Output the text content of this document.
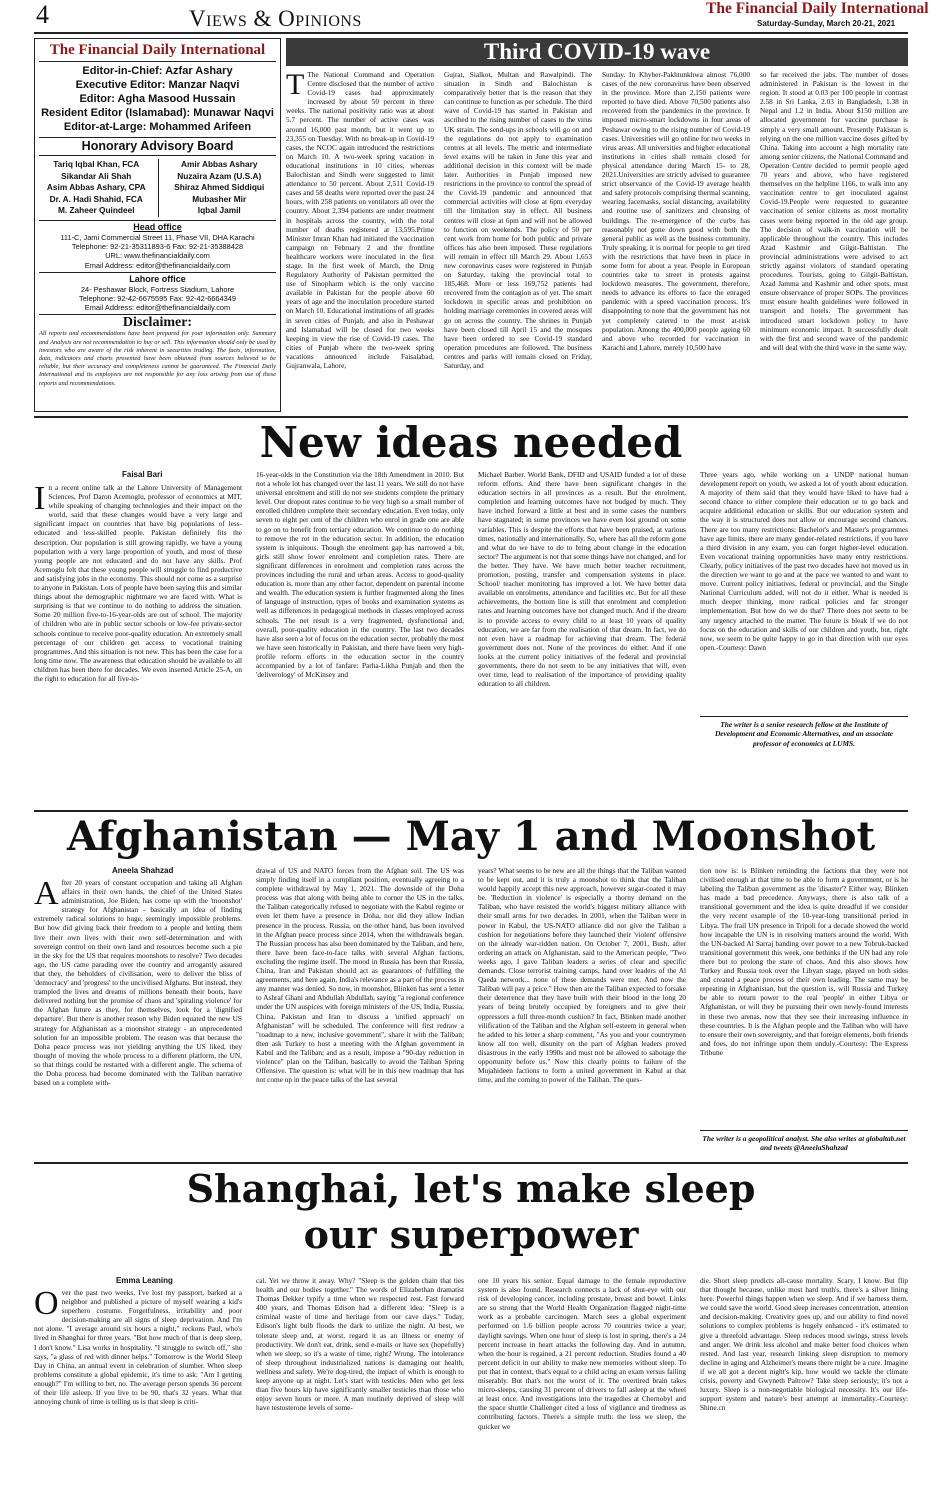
4	Views & Opinions	The Financial Daily International
Saturday-Sunday, March 20-21, 2021
The Financial Daily International
Editor-in-Chief: Azfar Ashary
Executive Editor: Manzar Naqvi
Editor: Agha Masood Hussain
Resident Editor (Islamabad): Munawar Naqvi
Editor-at-Large: Mohammed Arifeen
Honorary Advisory Board
Tariq Iqbal Khan, FCA
Sikandar Ali Shah
Asim Abbas Ashary, CPA
Dr. A. Hadi Shahid, FCA
M. Zaheer Quindeel
Amir Abbas Ashary
Nuzaira Azam (U.S.A)
Shiraz Ahmed Siddiqui
Mubasher Mir
Iqbal Jamil
Head office
111-C, Jami Commercial Street 11, Phase VII, DHA Karachi
Telephone: 92-21-35311893-6 Fax: 92-21-35388428
URL: www.thefinancialdaily.com
Email Address: editor@thefinancialdaily.com
Lahore office
24- Peshawar Block, Fortress Stadium, Lahore
Telephone: 92-42-6675595 Fax: 92-42-6664349
Email Address: editor@thefinancialdaily.com
Disclaimer:
All reports and recommendations have been prepared for your information only. Summary and Analysis are not recommendation to buy or sell. This information should only be used by investors who are aware of the risk inherent in securities trading. The facts, information, data, indicators and charts presented have been obtained from sources believed to be reliable, but their accuracy and completeness cannot be guaranteed. The Financial Daily International and its employees are not responsible for any loss arising from use of these reports and recommendations.
Third COVID-19 wave
T The National Command and Operation Centre disclosed that the number of active Covid-19 cases had approximately increased by about 50 percent in three weeks. The national positivity ratio was at about 5.7 percent. The number of active cases was around 16,000 past month, but it went up to 23,355 on Tuesday. With no break-up in Covid-19 cases, the NCOC again introduced the restrictions on March 10. A two-week spring vacation in educational institutions in 10 cities, whereas Balochistan and Sindh were suggested to limit attendance to 50 percent. About 2,511 Covid-19 cases and 58 deaths were reported over the past 24 hours, with 258 patients on ventilators all over the country. About 2,394 patients are under treatment in hospitals across the country, with the total number of deaths registered at 13,595.Prime Minister Imran Khan had initiated the vaccination campaign on February 2 and the frontline healthcare workers were inoculated in the first stage. In the first week of March, the Drug Regulatory Authority of Pakistan permitted the use of Sinopharm which is the only vaccine available in Pakistan for the people above 60 years of age and the inoculation procedure started on March 10. Educational institutions of all grades in seven cities of Punjab, and also in Peshawar and Islamabad will be closed for two weeks keeping in view the rise of Covid-19 cases. The cities of Punjab where the two-week spring vacations announced include Faisalabad, Gujranwala, Lahore,
Gujrat, Sialkot, Multan and Rawalpindi. The situation in Sindh and Balochistan is comparatively better that is the reason that they can continue to function as per schedule. The third wave of Covid-19 has started in Pakistan and ascribed to the rising number of cases to the virus UK strain. The send-ups in schools will go on and the regulations do not apply to examination centres at all levels. The metric and intermediate level exams will be taken in June this year and additional decision in this context will be made later. Authorities in Punjab imposed new restrictions in the province to control the spread of the Covid-19 pandemic and announced that commercial activities will close at 6pm everyday till the limitation stay in effect. All business centres will close at 6pm and will not be allowed to function on weekends. The policy of 50 per cent work from home for both public and private offices has also been imposed. These regulations will remain in effect till March 29. About 1,653 new coronavirus cases were registered in Punjab on Saturday, taking the provincial total to 185,468. More or less 169,752 patients had recovered from the contagion as of yet. The smart lockdown in specific areas and prohibition on holding marriage ceremonies in covered areas will go on across the country. The shrines in Punjab have been closed till April 15 and the mosques have been ordered to see Covid-19 standard operation procedures are followed. The business centres and parks will remain closed on Friday, Saturday, and
Sunday. In Khyber-Pakhtunkhwa almost 76,000 cases of the new coronavirus have been observed in the province. More than 2,150 patients were reported to have died. Above 70,500 patients also recovered from the pandemics in the province. It imposed micro-smart lockdowns in four areas of Peshawar owing to the rising number of Covid-19 cases. Universities will go online for two weeks in virus areas. All universities and higher educational institutions in cities shall remain closed for physical attendance during March 15- to 28, 2021.Universities are strictly advised to guarantee strict observance of the Covid-19 average health and safety protocols comprising thermal scanning, wearing facemasks, social distancing, availability and routine use of sanitizers and cleansing of buildings. The re-emergence of the curbs has reasonably not gone down good with both the general public as well as the business community. Truly speaking, it is normal for people to get tired with the restrictions that have been in place in some form for about a year. People in European countries take to street in protests against lockdown measures. The government, therefore, needs to advance its efforts to face the enraged pandemic with a speed vaccination process. It's disappointing to note that the government has not yet completely catered to the most at-risk population. Among the 400,000 people ageing 60 and above who recorded for vaccination in Karachi and Lahore, merely 10,500 have
so far received the jabs. The number of doses administered in Pakistan is the lowest in the region. It stood at 0.03 per 100 people in contrast 2.58 in Sri Lanka, 2.03 in Bangladesh, 1.38 in Nepal and 1.2 in India. About $150 million are allocated government for vaccine purchase is simply a very small amount. Presently Pakistan is relying on the one million vaccine doses gifted by China. Taking into account a high mortality rate among senior citizens, the National Command and Operation Centre decided to permit people aged 70 years and above, who have registered themselves on the helpline 1166, to walk into any vaccination centre to get inoculated against Covid-19.People were requested to guarantee vaccination of senior citizens as most mortality cases were being reported in the old age group. The decision of walk-in vaccination will be applicable throughout the country. This includes Azad Kashmir and Gilgit-Baltistan. The provincial administrations were advised to act strictly against violators of standard operating procedures. Tourists, going to Gilgit-Baltistan, Azad Jamma and Kashmir and other spots, must ensure observance of proper SOPs. The provinces must ensure health guidelines were followed in transport and hotels. The government has introduced smart lockdown policy to have minimum economic impact. It successfully dealt with the first and second wave of the pandemic and will deal with the third wave in the same way.
New ideas needed
Faisal Bari
In a recent online talk at the Lahore University of Management Sciences, Prof Daron Acemoglu, professor of economics at MIT, while speaking of changing technologies and their impact on the world, said that these changes would have a very large and significant impact on countries that have big populations of less-educated and less-skilled people. Pakistan definitely fits the description. Our population is still growing rapidly, we have a young population with a very large proportion of youth, and most of these young people are not educated and do not have any skills. Prof Acemoglu felt that these young people will struggle to find productive and satisfying jobs in the economy. This should not come as a surprise to anyone in Pakistan. Lots of people have been saying this and similar things about the demographic nightmare we are faced with. What is surprising is that we continue to do nothing to address the situation. Some 20 million five-to-16-year-olds are out of school. The majority of children who are in public sector schools or low-fee private-sector schools continue to receive poor-quality education. An extremely small percentage of our children get access to vocational training programmes. And this situation is not new. This has been the case for a long time now. The awareness that education should be available to all children has been there for decades. We even inserted Article 25-A, on the right to education for all five-to-
16-year-olds in the Constitution via the 18th Amendment in 2010. But not a whole lot has changed over the last 11 years. We still do not have universal enrolment and still do not see students complete the primary level. Our dropout rates continue to be very high so a small number of enrolled children complete their secondary education. Even today, only seven to eight per cent of the children who enrol in grade one are able to go on to benefit from tertiary education. We continue to do nothing to remove the rot in the education sector. In addition, the education system is iniquitous. Though the enrolment gap has narrowed a bit, girls still show lower enrolment and completion rates. There are significant differences in enrolment and completion rates across the provinces including the rural and urban areas. Access to good-quality education is, more than any other factor, dependent on parental income and wealth. The education system is further fragmented along the lines of language of instruction, types of books and examination systems as well as differences in pedagogical methods in classes employed across schools. The net result is a very fragmented, dysfunctional and, overall, poor-quality education in the country. The last two decades have also seen a lot of focus on the education sector, probably the most we have seen historically in Pakistan, and there have been very high-profile reform efforts in the education sector in the country accompanied by a lot of fanfare: Parha-Likha Punjab and then the 'deliverology' of McKinsey and
Michael Barber. World Bank, DFID and USAID funded a lot of these reform efforts. And there have been significant changes in the education sectors in all provinces as a result. But the enrolment, completion and learning outcomes have not budged by much. They have inched forward a little at best and in some cases the numbers have stagnated; in some provinces we have even lost ground on some variables. This is despite the efforts that have been praised, at various times, nationally and internationally. So, where has all the reform gone and what do we have to do to bring about change in the education sector? The argument is not that some things have not changed, and for the better. They have. We have much better teacher recruitment, promotion, posting, transfer and compensation systems in place. School/ teacher monitoring has improved a lot. We have better data available on enrolments, attendance and facilities etc. But for all these achievements, the bottom line is still that enrolment and completion rates and learning outcomes have not changed much. And if the dream is to provide access to every child to at least 10 years of quality education, we are far from the realisation of that dream. In fact, we do not even have a roadmap for achieving that dream. The federal government does not. None of the provinces do either. And if one looks at the current policy initiatives of the federal and provincial governments, there do not seem to be any initiatives that will, even over time, lead to realisation of the importance of providing quality education to all children.
Three years ago, while working on a UNDP national human development report on youth, we asked a lot of youth about education. A majority of them said that they would have liked to have had a second chance to either complete their education or to go back and acquire additional education or skills. But our education system and the way it is structured does not allow or encourage second chances. There are too many restrictions: Bachelor's and Master's programmes have age limits, there are many gender-related restrictions, if you have a third division in any exam, you can forget higher-level education. Even vocational training opportunities have many entry restrictions. Clearly, policy initiatives of the past two decades have not moved us in the direction we want to go and at the pace we wanted to and want to move. Current policy initiatives, federal or provincial, and the Single National Curriculum added, will not do it either. What is needed is much deeper thinking, more radical policies and far stronger implementation. But how do we do that? There does not seem to be any urgency attached to the matter. The future is bleak if we do not focus on the education and skills of our children and youth, but, right now, we seem to be quite happy to go in that direction with our eyes open.-Courtesy: Dawn
The writer is a senior research fellow at the Institute of Development and Economic Alternatives, and an associate professor of economics at LUMS.
Afghanistan — May 1 and Moonshot
Aneela Shahzad
After 20 years of constant occupation and taking all Afghan affairs in their own hands, the chief of the United States administration, Joe Biden, has come up with the 'moonshot' strategy for Afghanistan - basically an idea of finding extremely radical solutions to huge, seemingly impossible problems. But how did giving back their freedom to a people and letting them live their own lives with their own self-determination and with sovereign control on their own land and resources become such a pie in the sky for the US that requires moonshots to resolve? Two decades ago, the US came parading over the country and arrogantly assured that they, the beholders of civilisation, were to deliver the bliss of 'democracy' and 'progress' to the uncivilised Afghans. But instead, they trampled the lives and dreams of millions beneath their boots, have delivered nothing but the promise of chaos and 'spiraling violence' for the Afghan future as they, for themselves, look for a 'dignified departure'. But there is another reason why Biden equated the new US strategy for Afghanistan as a moonshot strategy - an unprecedented solution for an impossible problem. The reason was that because the Doha peace process was not yielding anything the US liked, they thought of moving the whole process to a different platform, the UN, so that things could be restarted with a different angle. The schema of the Doha process had become dominated with the Taliban narrative based on a complete with-
drawal of US and NATO forces from the Afghan soil. The US was simply finding itself in a compliant position, eventually agreeing to a complete withdrawal by May 1, 2021. The downside of the Doha process was that along with being able to corner the US in the talks, the Taliban categorically refused to negotiate with the Kabul regime or even let them have a presence in Doha, nor did they allow Indian presence in the process. Russia, on the other hand, has been involved in the Afghan peace process since 2014, when the withdrawals began. The Russian process has also been dominated by the Taliban, and here, there have been face-to-face talks with several Afghan factions, excluding the regime itself. The mood in Russia has been that Russia, China, Iran and Pakistan should act as guarantors of fulfilling the agreements, and here again, India's relevance as a part of the process in any manner was denied. So now, in moonshot, Blinken has sent a letter to Ashraf Ghani and Abdullah Abdullah, saying "a regional conference under the UN auspices with foreign ministers of the US, India, Russia, China, Pakistan and Iran to discuss a 'unified approach' on Afghanistan" will be scheduled. The conference will first redraw a "roadmap to a new, inclusive government", share it with the Taliban; then ask Turkey to host a meeting with the Afghan government in Kabul and the Taliban; and as a result, impose a "90-day reduction in violence" plan on the Taliban, basically to avoid the Taliban Spring Offensive. The question is: what will be in this new roadmap that has not come up in the peace talks of the last several
years? What seems to be new are all the things that the Taliban wanted to be kept out, and it is truly a moonshot to think that the Taliban would happily accept this new approach, however sugar-coated it may be. 'Reduction in violence' is especially a thorny demand on the Taliban, who have resisted the world's biggest military alliance with their small arms for two decades. In 2001, when the Taliban were in power in Kabul, the US-NATO alliance did not give the Taliban a cushion for negotiations before they launched their 'violent' offensive on the already war-ridden nation. On October 7, 2001, Bush, after ordering an attack on Afghanistan, said to the American people, "Two weeks ago, I gave Taliban leaders a series of clear and specific demands. Close terrorist training camps, hand over leaders of the Al Qaeda network... none of these demands were met. And now the Taliban will pay a price." How then are the Taliban expected to forsake their deterrence that they have built with their blood in the long 20 years of being brutely occupied by foreigners and to give their oppressors a full three-month cushion? In fact, Blinken made another vilification of the Taliban and the Afghan self-esteem in general when he added to his letter a sharp comment, "As you and your countrymen know all too well, disunity on the part of Afghan leaders proved disastrous in the early 1990s and must not be allowed to sabotage the opportunity before us." Now this clearly points to failure of the Mujahideen factions to form a united government in Kabul at that time, and the coming to power of the Taliban. The ques-
tion now is: is Blinken reminding the factions that they were not civilised enough at that time to be able to form a government, or is he labeling the Taliban government as the 'disaster'? Either way, Blinken has made a bad precedence. Anyways, there is also talk of a transitional government and the idea is quite dreadful if we consider the very recent example of the 10-year-long transitional period in Libya. The frail UN presence in Tripoli for a decade showed the world how incapable the UN is in resolving matters around the world. With the UN-backed Al Sarraj handing over power to a new Tobruk-backed transitional government this week, one bethinks if the UN had any role there but to prolong the state of chaos. And this also shows how Turkey and Russia took over the Libyan stage, played on both sides and created a peace process of their own leading. The same may be repeating in Afghanistan, but the question is, will Russia and Turkey be able to return power to the real 'people' in either Libya or Afghanistan, or will they be pursuing their own newly-found interests in these two arenas, now that they see their increasing influence in these countries. It is the Afghan people and the Taliban who will have to ensure their own sovereignty, and that foreign elements, both friends and foes, do not infringe upon them unduly.-Courtesy: The Express Tribune
The writer is a geopolitical analyst. She also writes at globaltab.net and tweets @AneelaShahzad
Shanghai, let's make sleep
our superpower
Emma Leaning
Over the past two weeks, I've lost my passport, barked at a neighbor and published a picture of myself wearing a kid's superhero costume. Forgetfulness, irritability and poor decision-making are all signs of sleep deprivation. And I'm not alone. "I average around six hours a night," reckons Paul, who's lived in Shanghai for three years. "But how much of that is deep sleep, I don't know." Lisa works in hospitality. "I struggle to switch off," she says, "a glass of red with dinner helps." Tomorrow is the World Sleep Day in China, an annual event in celebration of slumber. When sleep problems constitute a global epidemic, it's time to ask: "Am I getting enough?" I'm willing to bet, no. The average person spends 36 percent of their life asleep. If you live to be 90, that's 32 years. What that annoying chunk of time is telling us is that sleep is criti-
cal. Yet we throw it away. Why? "Sleep is the golden chain that ties health and our bodies together." The words of Elizabethan dramatist Thomas Dekker typify a time when we respected rest. Fast forward 400 years, and Thomas Edison had a different idea: "Sleep is a criminal waste of time and heritage from our cave days." Today, Edison's light bulb floods the dark to utilize the night. At best, we tolerate sleep and, at worst, regard it as an illness or enemy of productivity. We don't eat, drink, send e-mails or have sex (hopefully) when we sleep, so it's a waste of time, right? Wrong. The intolerance of sleep throughout industrialized nations is damaging our health, wellness and safety. We're dog-tired, the impact of which is enough to keep anyone up at night. Let's start with testicles. Men who get less than five hours kip have significantly smaller testicles than those who enjoy seven hours or more. A man routinely deprived of sleep will have testosterone levels of some-
one 10 years his senior. Equal damage to the female reproductive system is also found. Research connects a lack of shut-eye with our risk of developing cancer, including prostate, breast and bowel. Links are so strong that the World Health Organization flagged night-time work as a probable carcinogen. March sees a global experiment performed on 1.6 billion people across 70 countries twice a year; daylight savings. When one hour of sleep is lost in spring, there's a 24 percent increase in heart attacks the following day. And in autumn, when the hour is regained, a 21 percent reduction. Studies found a 40 percent deficit in our ability to make new memories without sleep. To put that in context, that's equal to a child acing an exam versus failing miserably. But that's not the worst of it. The overtired brain takes micro-sleeps, causing 31 percent of drivers to fall asleep at the wheel at least once. And investigations into the tragedies at Chernobyl and the space shuttle Challenger cited a loss of vigilance and tiredness as contributing factors. There's a simple truth: the less we sleep, the quicker we
die. Short sleep predicts all-cause mortality. Scary, I know. But flip that thought because, unlike most hard truth's, there's a silver lining here. Powerful things happen when we sleep. And if we harness them, we could save the world. Good sleep increases concentration, attention and decision-making. Creativity goes up, and our ability to find novel solutions to complex problems is hugely enhanced - it's estimated to give a threefold advantage. Sleep reduces mood swings, stress levels and anger. We drink less alcohol and make better food choices when rested. And last year, research linking sleep disruption to memory decline in aging and Alzheimer's means there might be a cure. Imagine if we all got a decent night's kip, how would we tackle the climate crisis, poverty and Gwyneth Paltrow? Take sleep seriously; it's not a luxury. Sleep is a non-negotiable biological necessity. It's our life-support system and nature's best attempt at immortality.-Courtesy: Shine.cn
